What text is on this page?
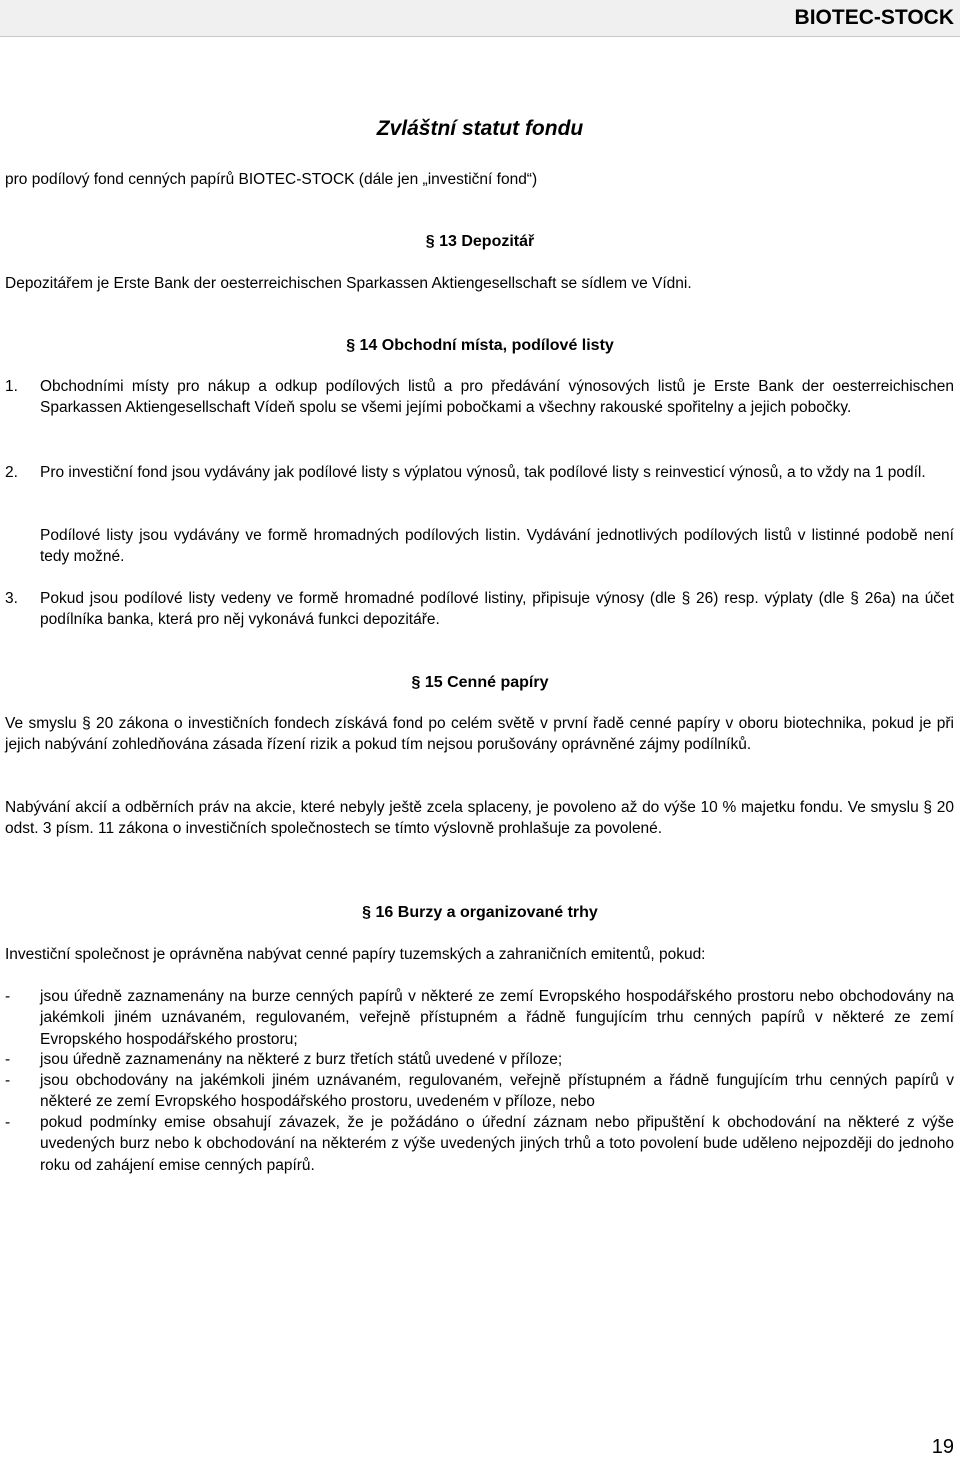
BIOTEC-STOCK
Zvláštní statut fondu
pro podílový fond cenných papírů BIOTEC-STOCK (dále jen „investiční fond“)
§ 13 Depozitář
Depozitářem je Erste Bank der oesterreichischen Sparkassen Aktiengesellschaft se sídlem ve Vídni.
§ 14 Obchodní místa, podílové listy
1. Obchodními místy pro nákup a odkup podílových listů a pro předávání výnosových listů je Erste Bank der oesterreichischen Sparkassen Aktiengesellschaft Vídeň spolu se všemi jejími pobočkami a všechny rakouské spořitelny a jejich pobočky.
2. Pro investiční fond jsou vydávány jak podílové listy s výplatou výnosů, tak podílové listy s reinvesticí výnosů, a to vždy na 1 podíl.
Podílové listy jsou vydávány ve formě hromadných podílových listin. Vydávání jednotlivých podílových listů v listinné podobě není tedy možné.
3. Pokud jsou podílové listy vedeny ve formě hromadné podílové listiny, připisuje výnosy (dle § 26) resp. výplaty (dle § 26a) na účet podílníka banka, která pro něj vykonává funkci depozitáře.
§ 15 Cenné papíry
Ve smyslu § 20 zákona o investičních fondech získává fond po celém světě v první řadě cenné papíry v oboru biotechnika, pokud je při jejich nabývání zohledňována zásada řízení rizik a pokud tím nejsou porušovány oprávněné zájmy podílníků.
Nabývání akcií a odběrních práv na akcie, které nebyly ještě zcela splaceny, je povoleno až do výše 10 % majetku fondu. Ve smyslu § 20 odst. 3 písm. 11 zákona o investičních společnostech se tímto výslovně prohlašuje za povolené.
§ 16 Burzy a organizované trhy
Investiční společnost je oprávněna nabývat cenné papíry tuzemských a zahraničních emitentů, pokud:
- jsou úředně zaznamenány na burze cenných papírů v některé ze zemí Evropského hospodářského prostoru nebo obchodovány na jakémkoli jiném uznávaném, regulovaném, veřejně přístupném a řádně fungujícím trhu cenných papírů v některé ze zemí Evropského hospodářského prostoru;
- jsou úředně zaznamenány na některé z burz třetích států uvedené v příloze;
- jsou obchodovány na jakémkoli jiném uznávaném, regulovaném, veřejně přístupném a řádně fungujícím trhu cenných papírů v některé ze zemí Evropského hospodářského prostoru, uvedeném v příloze, nebo
- pokud podmínky emise obsahují závazek, že je požádáno o úřední záznam nebo připuštění k obchodování na některé z výše uvedených burz nebo k obchodování na některém z výše uvedených jiných trhů a toto povolení bude uděleno nejpozději do jednoho roku od zahájení emise cenných papírů.
19
